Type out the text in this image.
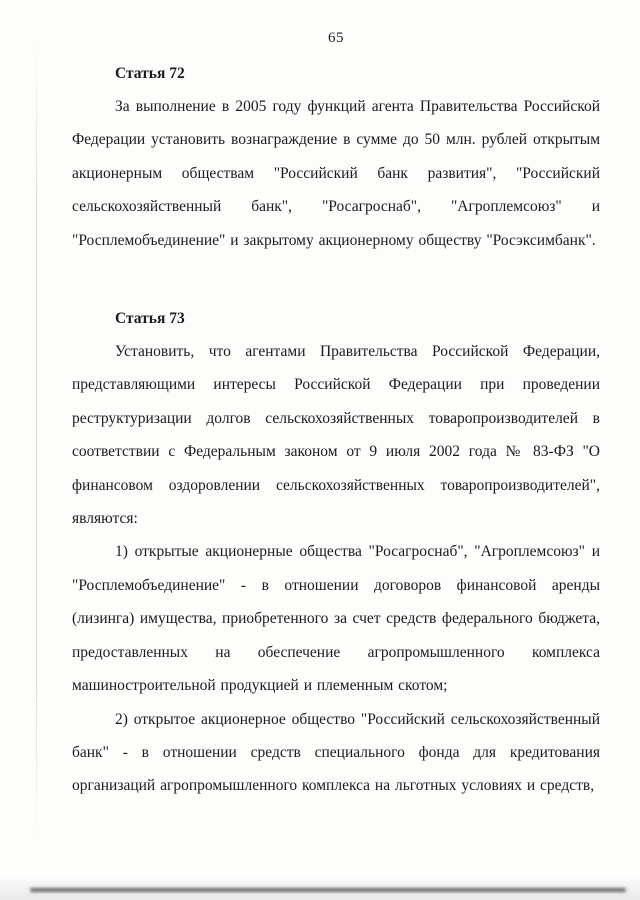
65
Статья 72

За выполнение в 2005 году функций агента Правительства Российской Федерации установить вознаграждение в сумме до 50 млн. рублей открытым акционерным обществам "Российский банк развития", "Российский сельскохозяйственный банк", "Росагроснаб", "Агроплемсоюз" и "Росплемобъединение" и закрытому акционерному обществу "Росэксимбанк".

Статья 73

Установить, что агентами Правительства Российской Федерации, представляющими интересы Российской Федерации при проведении реструктуризации долгов сельскохозяйственных товаропроизводителей в соответствии с Федеральным законом от 9 июля 2002 года № 83-ФЗ "О финансовом оздоровлении сельскохозяйственных товаропроизводителей", являются:

1) открытые акционерные общества "Росагроснаб", "Агроплемсоюз" и "Росплемобъединение" - в отношении договоров финансовой аренды (лизинга) имущества, приобретенного за счет средств федерального бюджета, предоставленных на обеспечение агропромышленного комплекса машиностроительной продукцией и племенным скотом;

2) открытое акционерное общество "Российский сельскохозяйственный банк" - в отношении средств специального фонда для кредитования организаций агропромышленного комплекса на льготных условиях и средств,
